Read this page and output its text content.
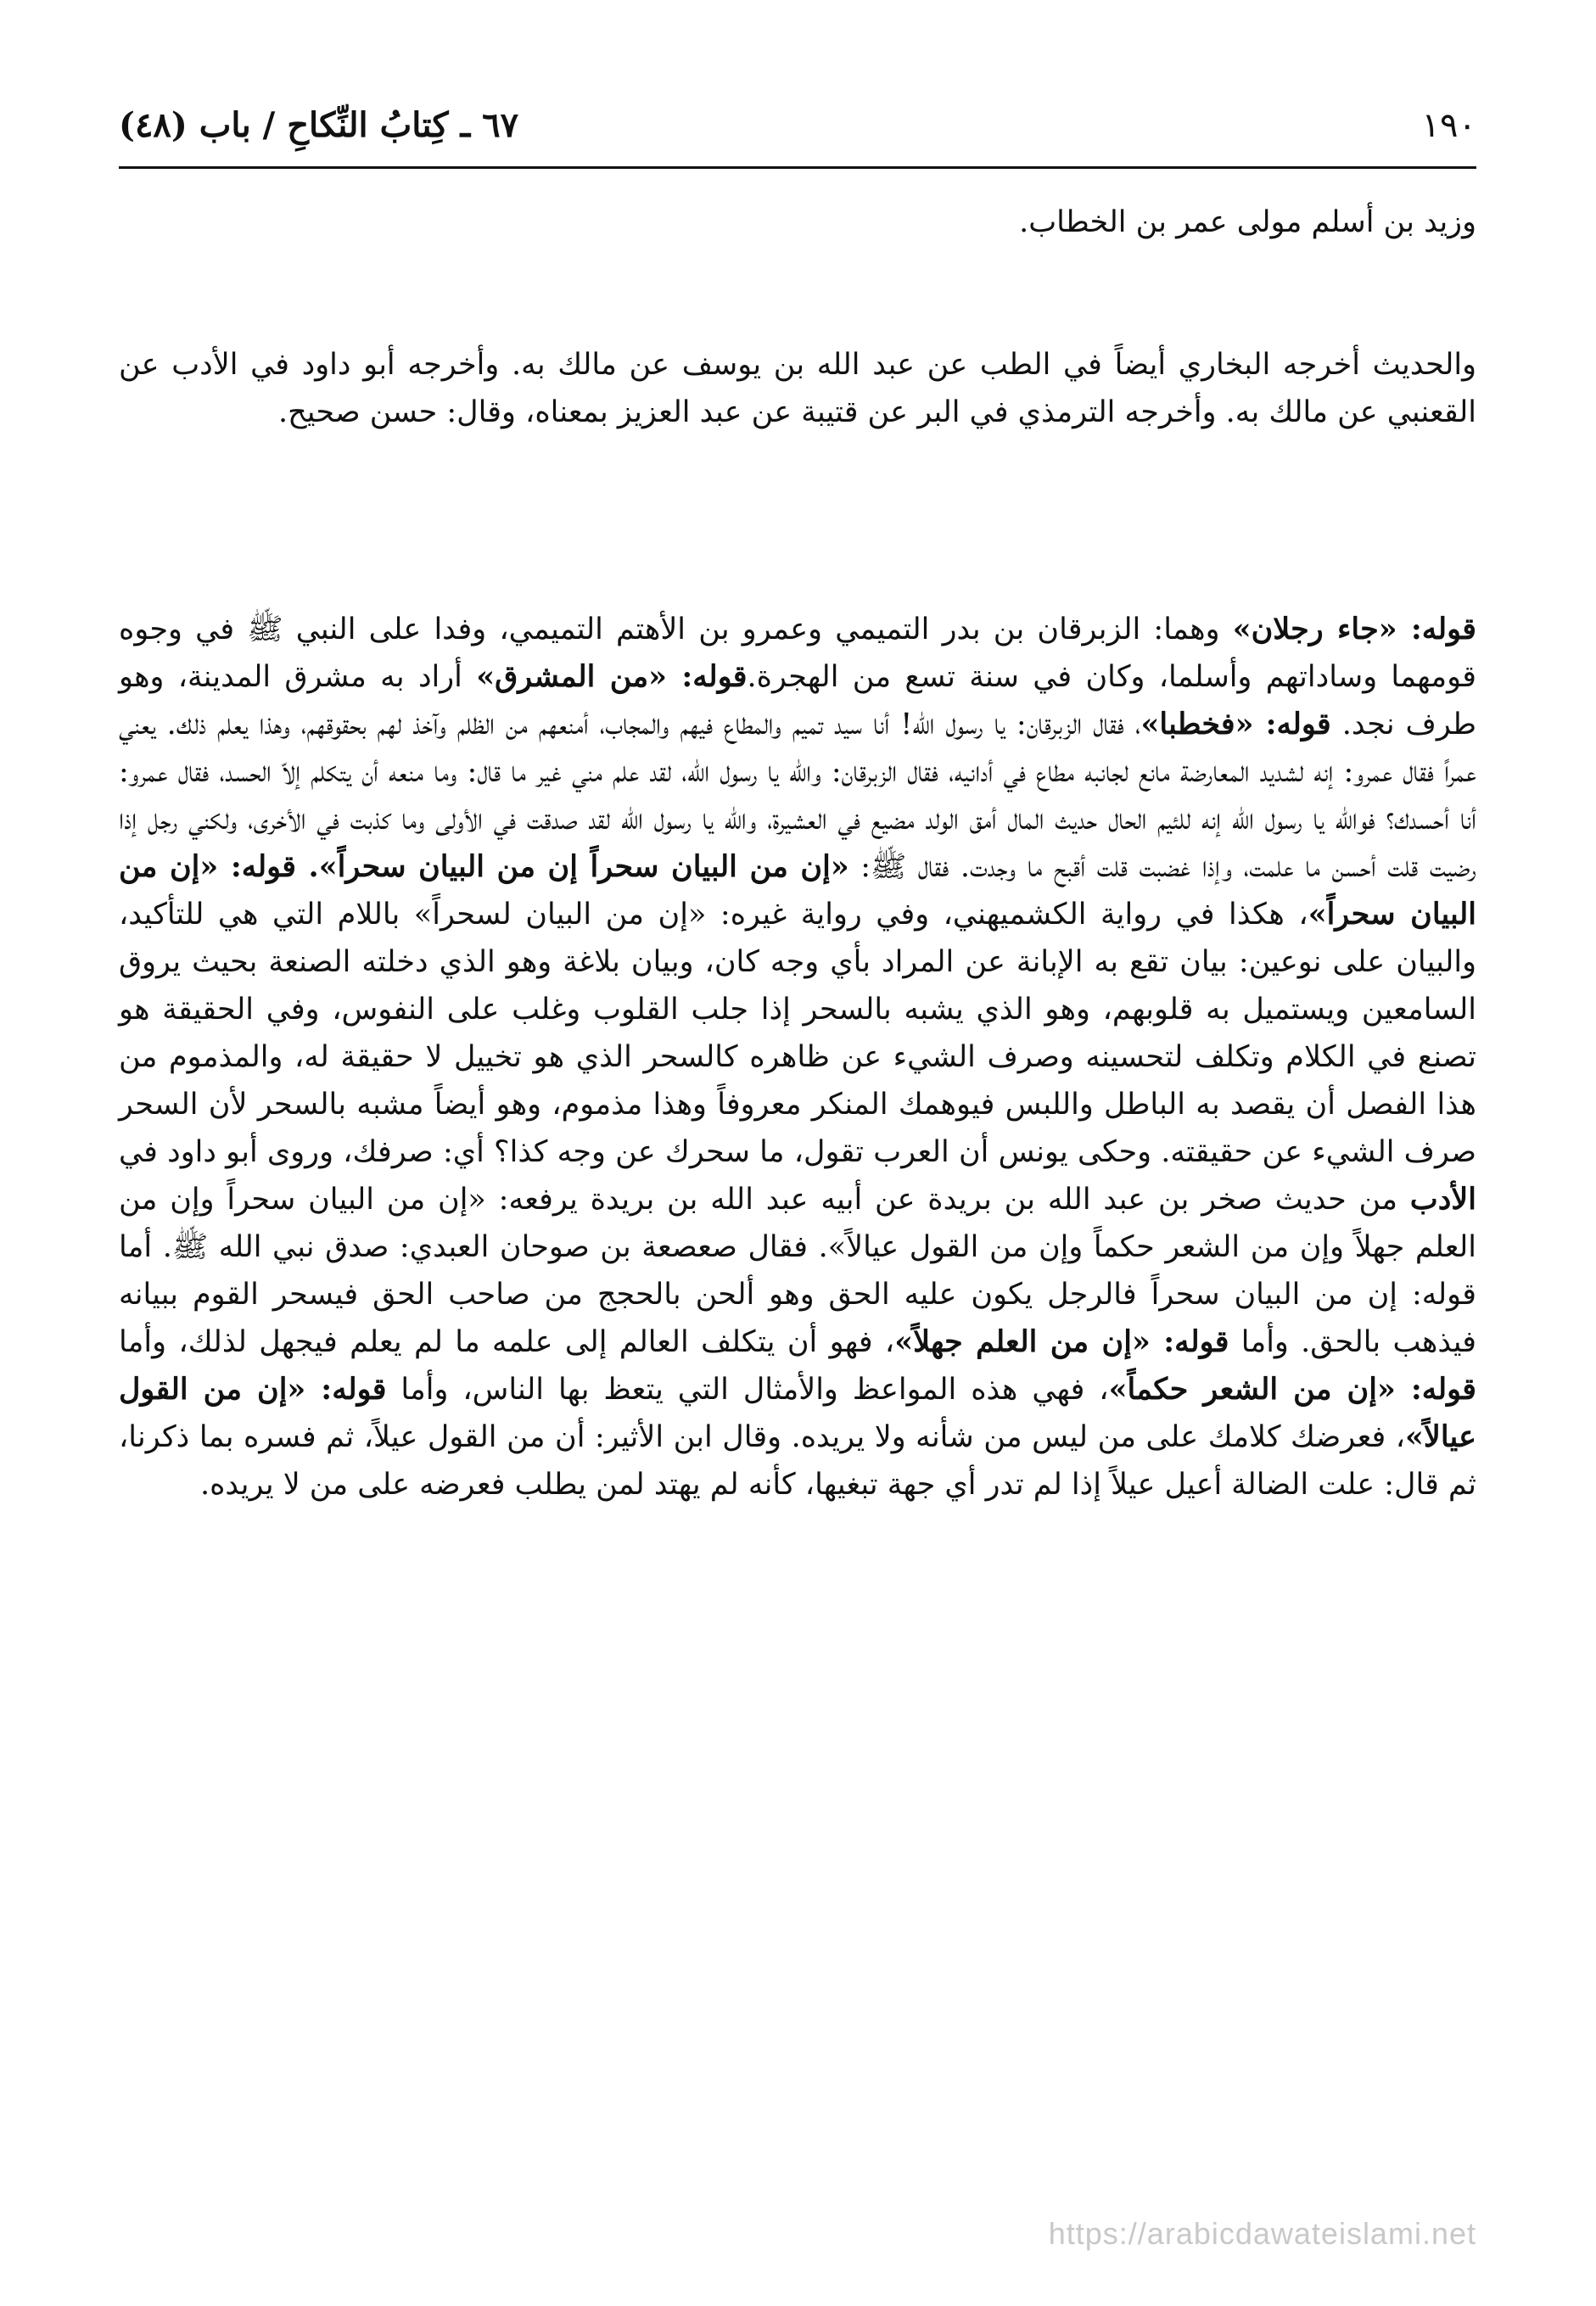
١٩٠
٦٧ ـ كِتابُ النِّكاحِ / باب (٤٨)

وزيد بن أسلم مولى عمر بن الخطاب.

والحديث أخرجه البخاري أيضاً في الطب عن عبد الله بن يوسف عن مالك به. وأخرجه أبو داود في الأدب عن القعنبي عن مالك به. وأخرجه الترمذي في البر عن قتيبة عن عبد العزيز بمعناه، وقال: حسن صحيح.

قوله: «جاء رجلان» وهما: الزبرقان بن بدر التميمي وعمرو بن الأهتم التميمي، وفدا على النبي ﷺ في وجوه قومهما وساداتهم وأسلما، وكان في سنة تسع من الهجرة.قوله: «من المشرق» أراد به مشرق المدينة، وهو طرف نجد. قوله: «فخطبا»، فقال الزبرقان: يا رسول الله! أنا سيد تميم والمطاع فيهم والمجاب، أمنعهم من الظلم وآخذ لهم بحقوقهم، وهذا يعلم ذلك. يعني عمراً فقال عمرو: إنه لشديد المعارضة مانع لجانبه مطاع في أدانيه، فقال الزبرقان: والله يا رسول الله، لقد علم مني غير ما قال: وما منعه أن يتكلم إلاّ الحسد، فقال عمرو: أنا أحسدك؟ فوالله يا رسول الله إنه للئيم الحال حديث المال أمق الولد مضيع في العشيرة، والله يا رسول الله لقد صدقت في الأولى وما كذبت في الأخرى، ولكني رجل إذا رضيت قلت أحسن ما علمت، وإذا غضبت قلت أقبح ما وجدت. فقال ﷺ: «إن من البيان سحراً إن من البيان سحراً». قوله: «إن من البيان سحراً»، هكذا في رواية الكشميهني، وفي رواية غيره: «إن من البيان لسحراً» باللام التي هي للتأكيد، والبيان على نوعين: بيان تقع به الإبانة عن المراد بأي وجه كان، وبيان بلاغة وهو الذي دخلته الصنعة بحيث يروق السامعين ويستميل به قلوبهم، وهو الذي يشبه بالسحر إذا جلب القلوب وغلب على النفوس، وفي الحقيقة هو تصنع في الكلام وتكلف لتحسينه وصرف الشيء عن ظاهره كالسحر الذي هو تخييل لا حقيقة له، والمذموم من هذا الفصل أن يقصد به الباطل واللبس فيوهمك المنكر معروفاً وهذا مذموم، وهو أيضاً مشبه بالسحر لأن السحر صرف الشيء عن حقيقته. وحكى يونس أن العرب تقول، ما سحرك عن وجه كذا؟ أي: صرفك، وروى أبو داود في الأدب من حديث صخر بن عبد الله بن بريدة عن أبيه عبد الله بن بريدة يرفعه: «إن من البيان سحراً وإن من العلم جهلاً وإن من الشعر حكماً وإن من القول عيالاً». فقال صعصعة بن صوحان العبدي: صدق نبي الله ﷺ. أما قوله: إن من البيان سحراً فالرجل يكون عليه الحق وهو ألحن بالحجج من صاحب الحق فيسحر القوم ببيانه فيذهب بالحق. وأما قوله: «إن من العلم جهلاً»، فهو أن يتكلف العالم إلى علمه ما لم يعلم فيجهل لذلك، وأما قوله: «إن من الشعر حكماً»، فهي هذه المواعظ والأمثال التي يتعظ بها الناس، وأما قوله: «إن من القول عيالاً»، فعرضك كلامك على من ليس من شأنه ولا يريده. وقال ابن الأثير: أن من القول عيلاً، ثم فسره بما ذكرنا، ثم قال: علت الضالة أعيل عيلاً إذا لم تدر أي جهة تبغيها، كأنه لم يهتد لمن يطلب فعرضه على من لا يريده.

https://arabicdawateislami.net
